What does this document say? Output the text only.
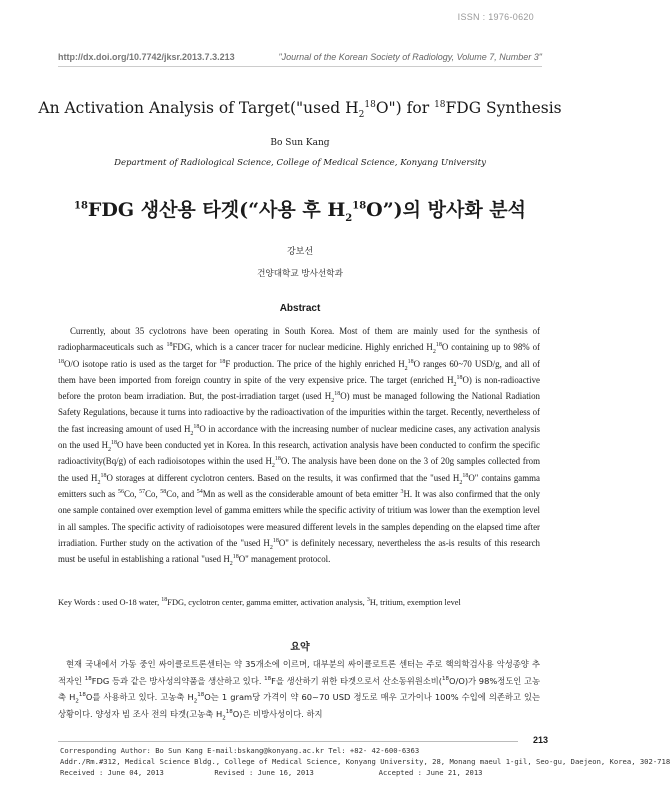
ISSN : 1976-0620
http://dx.doi.org/10.7742/jksr.2013.7.3.213	"Journal of the Korean Society of Radiology, Volume 7, Number 3"
An Activation Analysis of Target("used $H_2^{18}O$") for $^{18}$FDG Synthesis
Bo Sun Kang
Department of Radiological Science, College of Medical Science, Konyang University
$^{18}$FDG 생산용 타겟(“사용 후 $H_2^{18}O$”)의 방사화 분석
강보선
건양대학교 방사선학과
Abstract

Currently, about 35 cyclotrons have been operating in South Korea. Most of them are mainly used for the synthesis of radiopharmaceuticals such as $^{18}$FDG, which is a cancer tracer for nuclear medicine. Highly enriched $H_2^{18}O$ containing up to 98% of $^{18}$O/O isotope ratio is used as the target for $^{18}$F production. The price of the highly enriched $H_2^{18}O$ ranges 60~70 USD/g, and all of them have been imported from foreign country in spite of the very expensive price. The target (enriched $H_2^{18}O$) is non-radioactive before the proton beam irradiation. But, the post-irradiation target (used $H_2^{18}O$) must be managed following the National Radiation Safety Regulations, because it turns into radioactive by the radioactivation of the impurities within the target. Recently, nevertheless of the fast increasing amount of used $H_2^{18}O$ in accordance with the increasing number of nuclear medicine cases, any activation analysis on the used $H_2^{18}O$ have been conducted yet in Korea. In this research, activation analysis have been conducted to confirm the specific radioactivity(Bq/g) of each radioisotopes within the used $H_2^{18}O$. The analysis have been done on the 3 of 20g samples collected from the used $H_2^{18}O$ storages at different cyclotron centers. Based on the results, it was confirmed that the "used $H_2^{18}O$" contains gamma emitters such as $^{56}$Co, $^{57}$Co, $^{58}$Co, and $^{54}$Mn as well as the considerable amount of beta emitter $^3$H. It was also confirmed that the only one sample contained over exemption level of gamma emitters while the specific activity of tritium was lower than the exemption level in all samples. The specific activity of radioisotopes were measured different levels in the samples depending on the elapsed time after irradiation. Further study on the activation of the "used $H_2^{18}O$" is definitely necessary, nevertheless the as-is results of this research must be useful in establishing a rational "used $H_2^{18}O$" management protocol.

Key Words : used O-18 water, $^{18}$FDG, cyclotron center, gamma emitter, activation analysis, $^3$H, tritium, exemption level
요약

현재 국내에서 가동 중인 싸이클로트론센터는 약 35개소에 이르며, 대부분의 싸이클로트론 센터는 주로 핵의학검사용 악성종양 추적자인 $^{18}$FDG 등과 같은 방사성의약품을 생산하고 있다. $^{18}$F을 생산하기 위한 타겟으로서 산소동위원소비($^{18}$O/O)가 98%정도인 고농축 $H_2^{18}O$를 사용하고 있다. 고농축 $H_2^{18}O$는 1 gram당 가격이 약 60~70 USD 정도로 매우 고가이나 100% 수입에 의존하고 있는 상황이다. 양성자 빔 조사 전의 타겟(고농축 $H_2^{18}O$)은 비방사성이다. 하지

213
Corresponding Author: Bo Sun Kang E-mail:bskang@konyang.ac.kr Tel: +82- 42-600-6363
Addr./Rm.#312, Medical Science Bldg., College of Medical Science, Konyang University, 28, Monang maeul 1-gil, Seo-gu, Daejeon, Korea, 302-718
Received : June 04, 2013	Revised : June 16, 2013	Accepted : June 21, 2013
